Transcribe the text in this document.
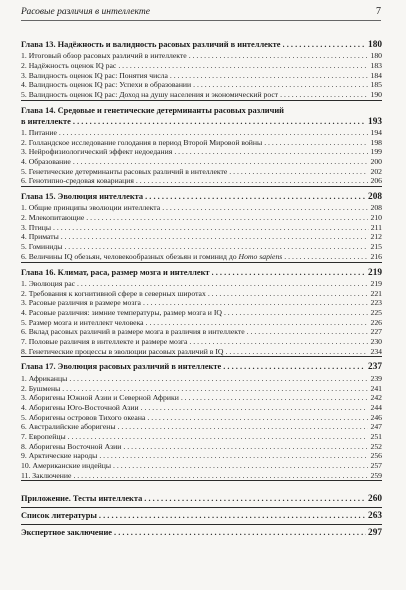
Расовые различия в интеллекте	7
Глава 13. Надёжность и валидность расовых различий в интеллекте . . .	180
1. Итоговый обзор расовых различий в интеллекте . . .	180
2. Надёжность оценок IQ рас . . .	183
3. Валидность оценок IQ рас: Понятия числа . . .	184
4. Валидность оценок IQ рас: Успехи в образовании . . .	185
5. Валидность оценок IQ рас: Доход на душу населения и экономический рост . . .	190
Глава 14. Средовые и генетические детерминанты расовых различий
в интеллекте . . .	193
1. Питание . . .	194
2. Голландское исследование голодания в период Второй Мировой войны . . .	198
3. Нейрофизиологический эффект недоедания . . .	199
4. Образование . . .	200
5. Генетические детерминанты расовых различий в интеллекте . . .	202
6. Генотипно-средовая ковариация . . .	206
Глава 15. Эволюция интеллекта . . .	208
1. Общие принципы эволюции интеллекта . . .	208
2. Млекопитающие . . .	210
3. Птицы . . .	211
4. Приматы . . .	212
5. Гоминиды . . .	215
6. Величины IQ обезьян, человекообразных обезьян и гоминид до Homo sapiens . . .	216
Глава 16. Климат, раса, размер мозга и интеллект . . .	219
1. Эволюция рас . . .	219
2. Требования к когнитивной сфере в северных широтах . . .	221
3. Расовые различия в размере мозга . . .	223
4. Расовые различия: зимние температуры, размер мозга и IQ . . .	225
5. Размер мозга и интеллект человека . . .	226
6. Вклад расовых различий в размере мозга в различия в интеллекте . . .	227
7. Половые различия в интеллекте и размере мозга . . .	230
8. Генетические процессы в эволюции расовых различий в IQ . . .	234
Глава 17. Эволюция расовых различий в интеллекте . . .	237
1. Африканцы . . .	239
2. Бушмены . . .	241
3. Аборигены Южной Азии и Северной Африки . . .	242
4. Аборигены Юго-Восточной Азии . . .	244
5. Аборигены островов Тихого океана . . .	246
6. Австралийские аборигены . . .	247
7. Европейцы . . .	251
8. Аборигены Восточной Азии . . .	252
9. Арктические народы . . .	256
10. Американские индейцы . . .	257
11. Заключение . . .	259
Приложение. Тесты интеллекта . . .	260
Список литературы . . .	263
Экспертное заключение . . .	297
